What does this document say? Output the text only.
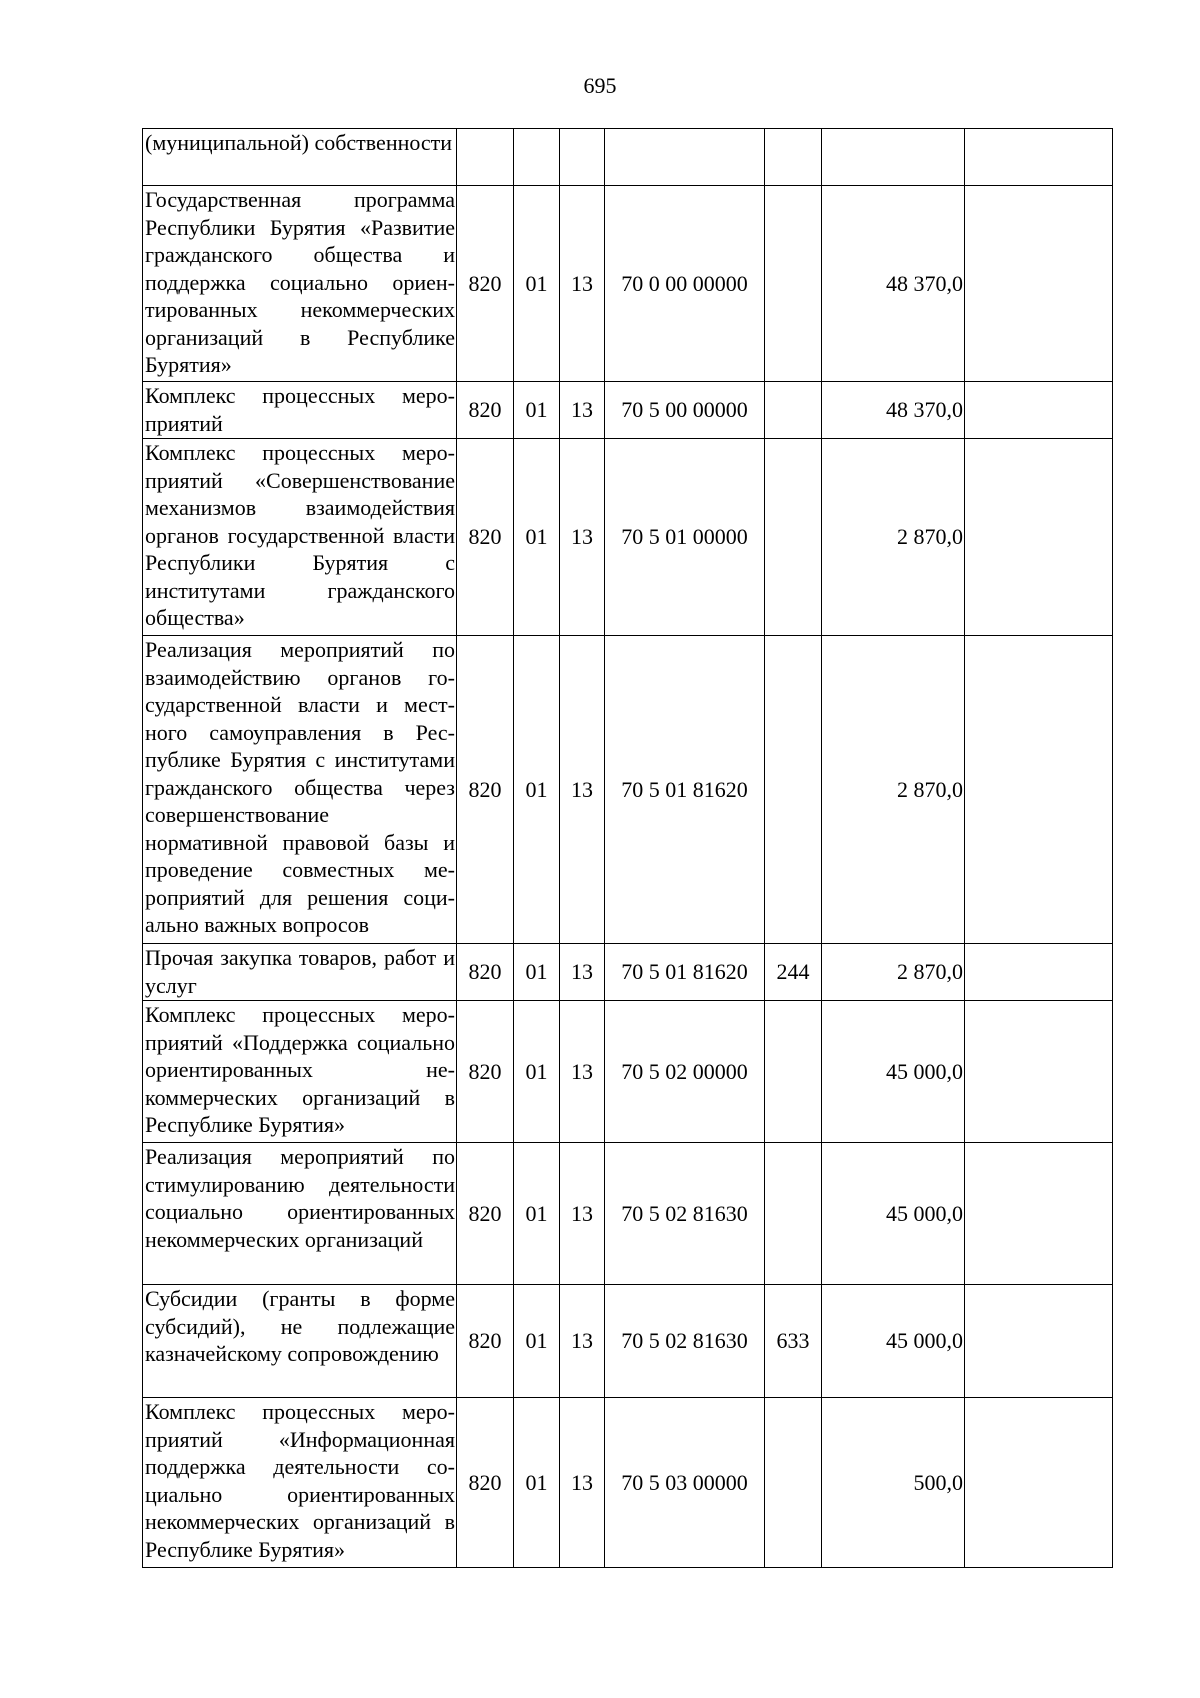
695
(муниципальной) собственности							
Государственная программа Республики Бурятия «Развитие гражданского общества и поддержка социально ориентированных некоммерческих организаций в Республике Бурятия»	820	01	13	70 0 00 00000		48 370,0	
Комплекс процессных мероприятий	820	01	13	70 5 00 00000		48 370,0	
Комплекс процессных мероприятий «Совершенствование механизмов взаимодействия органов государственной власти Республики Бурятия с институтами гражданского общества»	820	01	13	70 5 01 00000		2 870,0	
Реализация мероприятий по взаимодействию органов государственной власти и местного самоуправления в Республике Бурятия с институтами гражданского общества через совершенствование нормативной правовой базы и проведение совместных мероприятий для решения социально важных вопросов	820	01	13	70 5 01 81620		2 870,0	
Прочая закупка товаров, работ и услуг	820	01	13	70 5 01 81620	244	2 870,0	
Комплекс процессных мероприятий «Поддержка социально ориентированных некоммерческих организаций в Республике Бурятия»	820	01	13	70 5 02 00000		45 000,0	
Реализация мероприятий по стимулированию деятельности социально ориентированных некоммерческих организаций	820	01	13	70 5 02 81630		45 000,0	
Субсидии (гранты в форме субсидий), не подлежащие казначейскому сопровождению	820	01	13	70 5 02 81630	633	45 000,0	
Комплекс процессных мероприятий «Информационная поддержка деятельности социально ориентированных некоммерческих организаций в Республике Бурятия»	820	01	13	70 5 03 00000		500,0	
